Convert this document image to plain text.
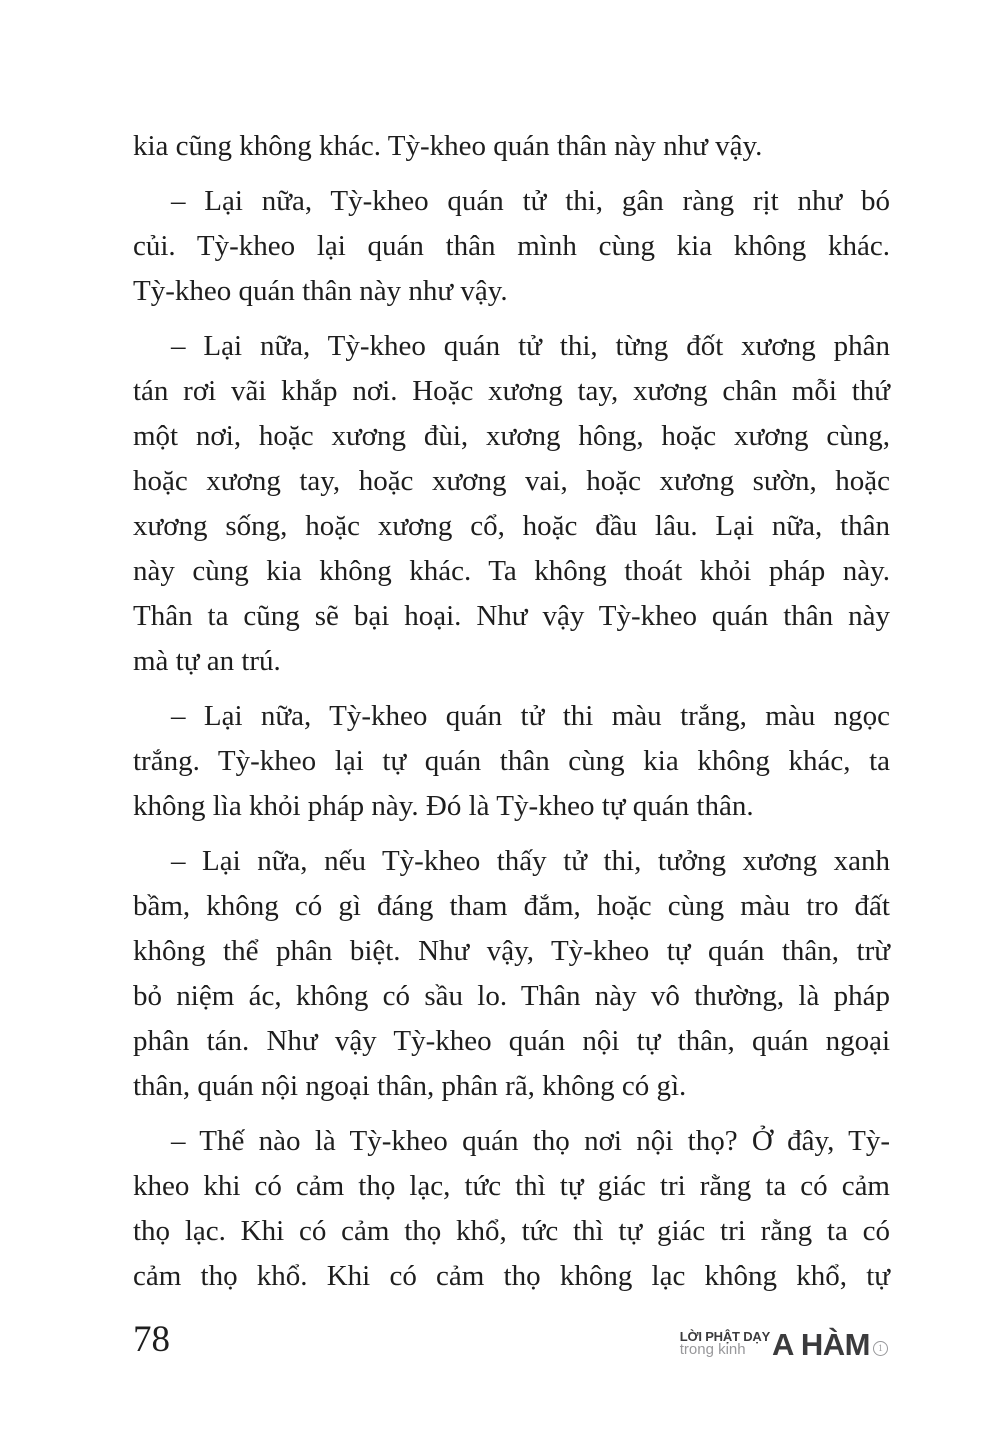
kia cũng không khác. Tỳ-kheo quán thân này như vậy.
– Lại nữa, Tỳ-kheo quán tử thi, gân ràng rịt như bó
củi. Tỳ-kheo lại quán thân mình cùng kia không khác.
Tỳ-kheo quán thân này như vậy.
– Lại nữa, Tỳ-kheo quán tử thi, từng đốt xương phân
tán rơi vãi khắp nơi. Hoặc xương tay, xương chân mỗi thứ
một nơi, hoặc xương đùi, xương hông, hoặc xương cùng,
hoặc xương tay, hoặc xương vai, hoặc xương sườn, hoặc
xương sống, hoặc xương cổ, hoặc đầu lâu. Lại nữa, thân
này cùng kia không khác. Ta không thoát khỏi pháp này.
Thân ta cũng sẽ bại hoại. Như vậy Tỳ-kheo quán thân này
mà tự an trú.
– Lại nữa, Tỳ-kheo quán tử thi màu trắng, màu ngọc
trắng. Tỳ-kheo lại tự quán thân cùng kia không khác, ta
không lìa khỏi pháp này. Đó là Tỳ-kheo tự quán thân.
– Lại nữa, nếu Tỳ-kheo thấy tử thi, tưởng xương xanh
bầm, không có gì đáng tham đắm, hoặc cùng màu tro đất
không thể phân biệt. Như vậy, Tỳ-kheo tự quán thân, trừ
bỏ niệm ác, không có sầu lo. Thân này vô thường, là pháp
phân tán. Như vậy Tỳ-kheo quán nội tự thân, quán ngoại
thân, quán nội ngoại thân, phân rã, không có gì.
– Thế nào là Tỳ-kheo quán thọ nơi nội thọ? Ở đây, Tỳ-
kheo khi có cảm thọ lạc, tức thì tự giác tri rằng ta có cảm
thọ lạc. Khi có cảm thọ khổ, tức thì tự giác tri rằng ta có
cảm thọ khổ. Khi có cảm thọ không lạc không khổ, tự
78	LỜI PHẬT DẠY
trong kinh A HÀM 1
